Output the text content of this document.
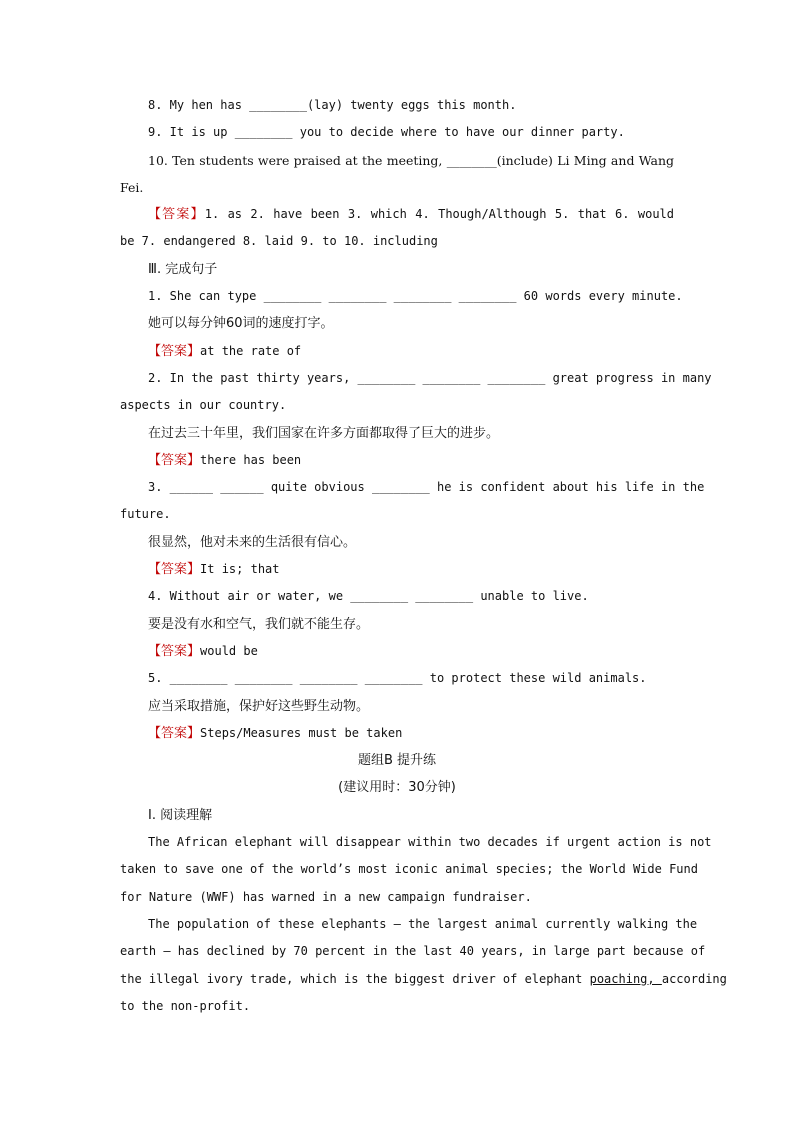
8. My hen has ________(lay) twenty eggs this month.
9. It is up ________ you to decide where to have our dinner party.
10. Ten students were praised at the meeting, ________(include) Li Ming and Wang
Fei.
【答案】1. as 2. have been 3. which 4. Though/Although 5. that 6. would
be 7. endangered 8. laid 9. to 10. including
Ⅲ. 完成句子
1. She can type ________ ________ ________ ________ 60 words every minute.
她可以每分钟60词的速度打字。
【答案】at the rate of
2. In the past thirty years, ________ ________ ________ great progress in many
aspects in our country.
在过去三十年里，我们国家在许多方面都取得了巨大的进步。
【答案】there has been
3. ______ ______ quite obvious ________ he is confident about his life in the
future.
很显然，他对未来的生活很有信心。
【答案】It is; that
4. Without air or water, we ________ ________ unable to live.
要是没有水和空气，我们就不能生存。
【答案】would be
5. ________ ________ ________ ________ to protect these wild animals.
应当采取措施，保护好这些野生动物。
【答案】Steps/Measures must be taken
题组B 提升练
(建议用时：30分钟)
Ⅰ. 阅读理解
The African elephant will disappear within two decades if urgent action is not
taken to save one of the world’s most iconic animal species; the World Wide Fund
for Nature (WWF) has warned in a new campaign fundraiser.
The population of these elephants — the largest animal currently walking the
earth — has declined by 70 percent in the last 40 years, in large part because of
the illegal ivory trade, which is the biggest driver of elephant poaching, according
to the non-profit.
